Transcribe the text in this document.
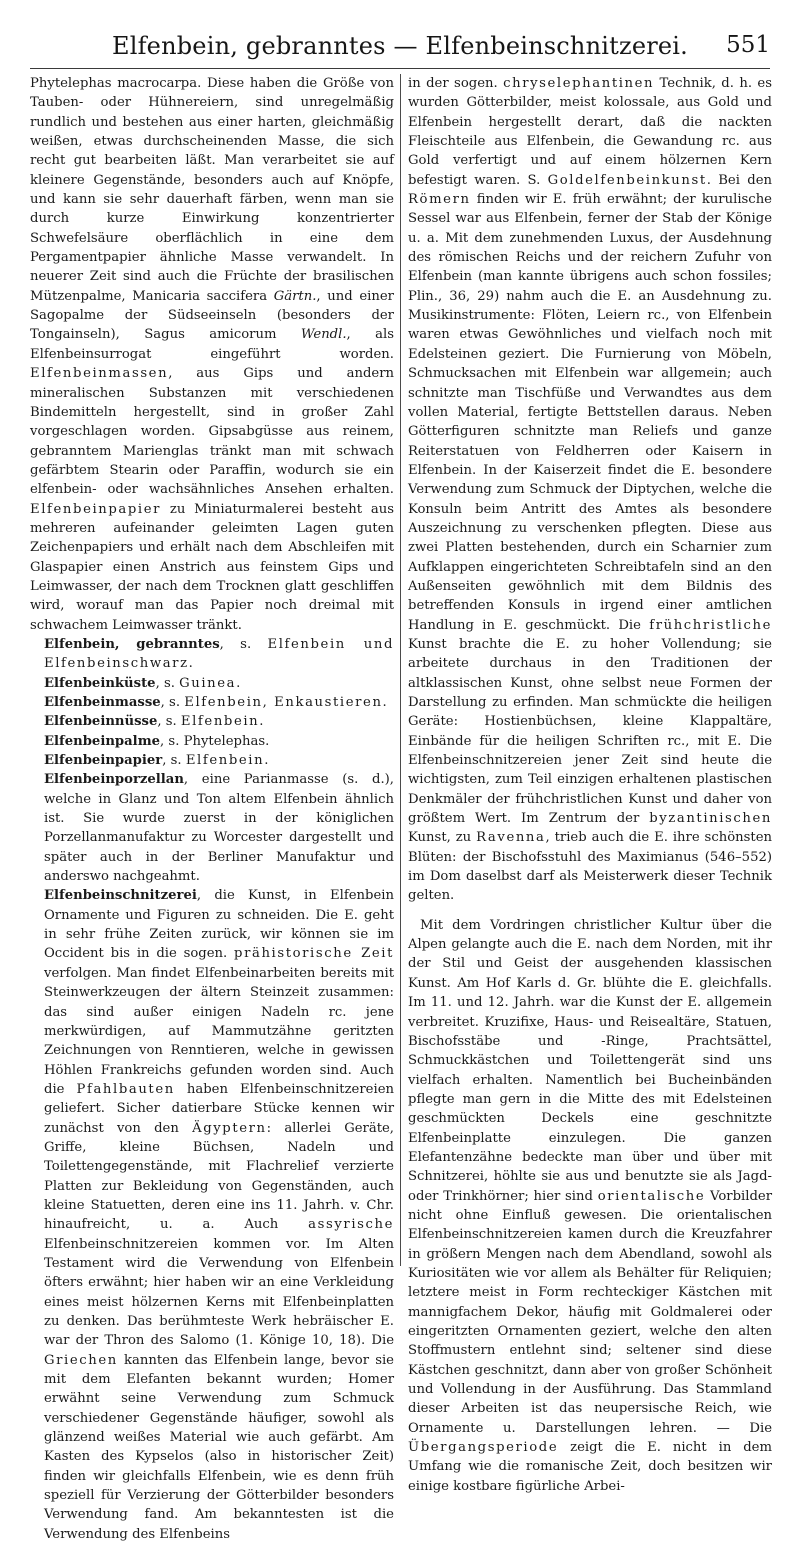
Elfenbein, gebranntes — Elfenbeinschnitzerei.	551

Phytelephas macrocarpa. Diese haben die Größe von Tauben- oder Hühnereiern, sind unregelmäßig rundlich und bestehen aus einer harten, gleichmäßig weißen, etwas durchscheinenden Masse, die sich recht gut bearbeiten läßt. Man verarbeitet sie auf kleinere Gegenstände, besonders auch auf Knöpfe, und kann sie sehr dauerhaft färben, wenn man sie durch kurze Einwirkung konzentrierter Schwefelsäure oberflächlich in eine dem Pergamentpapier ähnliche Masse verwandelt. In neuerer Zeit sind auch die Früchte der brasilischen Mützenpalme, Manicaria saccifera Gärtn., und einer Sagopalme der Südseeinseln (besonders der Tongainseln), Sagus amicorum Wendl., als Elfenbeinsurrogat eingeführt worden. Elfenbeinmassen, aus Gips und andern mineralischen Substanzen mit verschiedenen Bindemitteln hergestellt, sind in großer Zahl vorgeschlagen worden. Gipsabgüsse aus reinem, gebranntem Marienglas tränkt man mit schwach gefärbtem Stearin oder Paraffin, wodurch sie ein elfenbein- oder wachsähnliches Ansehen erhalten. Elfenbeinpapier zu Miniaturmalerei besteht aus mehreren aufeinander geleimten Lagen guten Zeichenpapiers und erhält nach dem Abschleifen mit Glaspapier einen Anstrich aus feinstem Gips und Leimwasser, der nach dem Trocknen glatt geschliffen wird, worauf man das Papier noch dreimal mit schwachem Leimwasser tränkt.

Elfenbein, gebranntes, s. Elfenbein und Elfenbeinschwarz.

Elfenbeinküste, s. Guinea.

Elfenbeinmasse, s. Elfenbein, Enkaustieren.

Elfenbeinnüsse, s. Elfenbein.

Elfenbeinpalme, s. Phytelephas.

Elfenbeinpapier, s. Elfenbein.

Elfenbeinporzellan, eine Parianmasse (s. d.), welche in Glanz und Ton altem Elfenbein ähnlich ist. Sie wurde zuerst in der königlichen Porzellanmanufaktur zu Worcester dargestellt und später auch in der Berliner Manufaktur und anderswo nachgeahmt.

Elfenbeinschnitzerei, die Kunst, in Elfenbein Ornamente und Figuren zu schneiden. Die E. geht in sehr frühe Zeiten zurück, wir können sie im Occident bis in die sogen. prähistorische Zeit verfolgen. Man findet Elfenbeinarbeiten bereits mit Steinwerkzeugen der ältern Steinzeit zusammen: das sind außer einigen Nadeln rc. jene merkwürdigen, auf Mammutzähne geritzten Zeichnungen von Renntieren, welche in gewissen Höhlen Frankreichs gefunden worden sind. Auch die Pfahlbauten haben Elfenbeinschnitzereien geliefert. Sicher datierbare Stücke kennen wir zunächst von den Ägyptern: allerlei Geräte, Griffe, kleine Büchsen, Nadeln und Toilettengegenstände, mit Flachrelief verzierte Platten zur Bekleidung von Gegenständen, auch kleine Statuetten, deren eine ins 11. Jahrh. v. Chr. hinaufreicht, u. a. Auch assyrische Elfenbeinschnitzereien kommen vor. Im Alten Testament wird die Verwendung von Elfenbein öfters erwähnt; hier haben wir an eine Verkleidung eines meist hölzernen Kerns mit Elfenbeinplatten zu denken. Das berühmteste Werk hebräischer E. war der Thron des Salomo (1. Könige 10, 18). Die Griechen kannten das Elfenbein lange, bevor sie mit dem Elefanten bekannt wurden; Homer erwähnt seine Verwendung zum Schmuck verschiedener Gegenstände häufiger, sowohl als glänzend weißes Material wie auch gefärbt. Am Kasten des Kypselos (also in historischer Zeit) finden wir gleichfalls Elfenbein, wie es denn früh speziell für Verzierung der Götterbilder besonders Verwendung fand. Am bekanntesten ist die Verwendung des Elfenbeins

in der sogen. chryselephantinen Technik, d. h. es wurden Götterbilder, meist kolossale, aus Gold und Elfenbein hergestellt derart, daß die nackten Fleischteile aus Elfenbein, die Gewandung rc. aus Gold verfertigt und auf einem hölzernen Kern befestigt waren. S. Goldelfenbeinkunst. Bei den Römern finden wir E. früh erwähnt; der kurulische Sessel war aus Elfenbein, ferner der Stab der Könige u. a. Mit dem zunehmenden Luxus, der Ausdehnung des römischen Reichs und der reichern Zufuhr von Elfenbein (man kannte übrigens auch schon fossiles; Plin., 36, 29) nahm auch die E. an Ausdehnung zu. Musikinstrumente: Flöten, Leiern rc., von Elfenbein waren etwas Gewöhnliches und vielfach noch mit Edelsteinen geziert. Die Furnierung von Möbeln, Schmucksachen mit Elfenbein war allgemein; auch schnitzte man Tischfüße und Verwandtes aus dem vollen Material, fertigte Bettstellen daraus. Neben Götterfiguren schnitzte man Reliefs und ganze Reiterstatuen von Feldherren oder Kaisern in Elfenbein. In der Kaiserzeit findet die E. besondere Verwendung zum Schmuck der Diptychen, welche die Konsuln beim Antritt des Amtes als besondere Auszeichnung zu verschenken pflegten. Diese aus zwei Platten bestehenden, durch ein Scharnier zum Aufklappen eingerichteten Schreibtafeln sind an den Außenseiten gewöhnlich mit dem Bildnis des betreffenden Konsuls in irgend einer amtlichen Handlung in E. geschmückt. Die frühchristliche Kunst brachte die E. zu hoher Vollendung; sie arbeitete durchaus in den Traditionen der altklassischen Kunst, ohne selbst neue Formen der Darstellung zu erfinden. Man schmückte die heiligen Geräte: Hostienbüchsen, kleine Klappaltäre, Einbände für die heiligen Schriften rc., mit E. Die Elfenbeinschnitzereien jener Zeit sind heute die wichtigsten, zum Teil einzigen erhaltenen plastischen Denkmäler der frühchristlichen Kunst und daher von größtem Wert. Im Zentrum der byzantinischen Kunst, zu Ravenna, trieb auch die E. ihre schönsten Blüten: der Bischofsstuhl des Maximianus (546–552) im Dom daselbst darf als Meisterwerk dieser Technik gelten.

Mit dem Vordringen christlicher Kultur über die Alpen gelangte auch die E. nach dem Norden, mit ihr der Stil und Geist der ausgehenden klassischen Kunst. Am Hof Karls d. Gr. blühte die E. gleichfalls. Im 11. und 12. Jahrh. war die Kunst der E. allgemein verbreitet. Kruzifixe, Haus- und Reisealtäre, Statuen, Bischofsstäbe und -Ringe, Prachtsättel, Schmuckkästchen und Toilettengerät sind uns vielfach erhalten. Namentlich bei Bucheinbänden pflegte man gern in die Mitte des mit Edelsteinen geschmückten Deckels eine geschnitzte Elfenbeinplatte einzulegen. Die ganzen Elefantenzähne bedeckte man über und über mit Schnitzerei, höhlte sie aus und benutzte sie als Jagd- oder Trinkhörner; hier sind orientalische Vorbilder nicht ohne Einfluß gewesen. Die orientalischen Elfenbeinschnitzereien kamen durch die Kreuzfahrer in größern Mengen nach dem Abendland, sowohl als Kuriositäten wie vor allem als Behälter für Reliquien; letztere meist in Form rechteckiger Kästchen mit mannigfachem Dekor, häufig mit Goldmalerei oder eingeritzten Ornamenten geziert, welche den alten Stoffmustern entlehnt sind; seltener sind diese Kästchen geschnitzt, dann aber von großer Schönheit und Vollendung in der Ausführung. Das Stammland dieser Arbeiten ist das neupersische Reich, wie Ornamente u. Darstellungen lehren. — Die Übergangsperiode zeigt die E. nicht in dem Umfang wie die romanische Zeit, doch besitzen wir einige kostbare figürliche Arbei-
